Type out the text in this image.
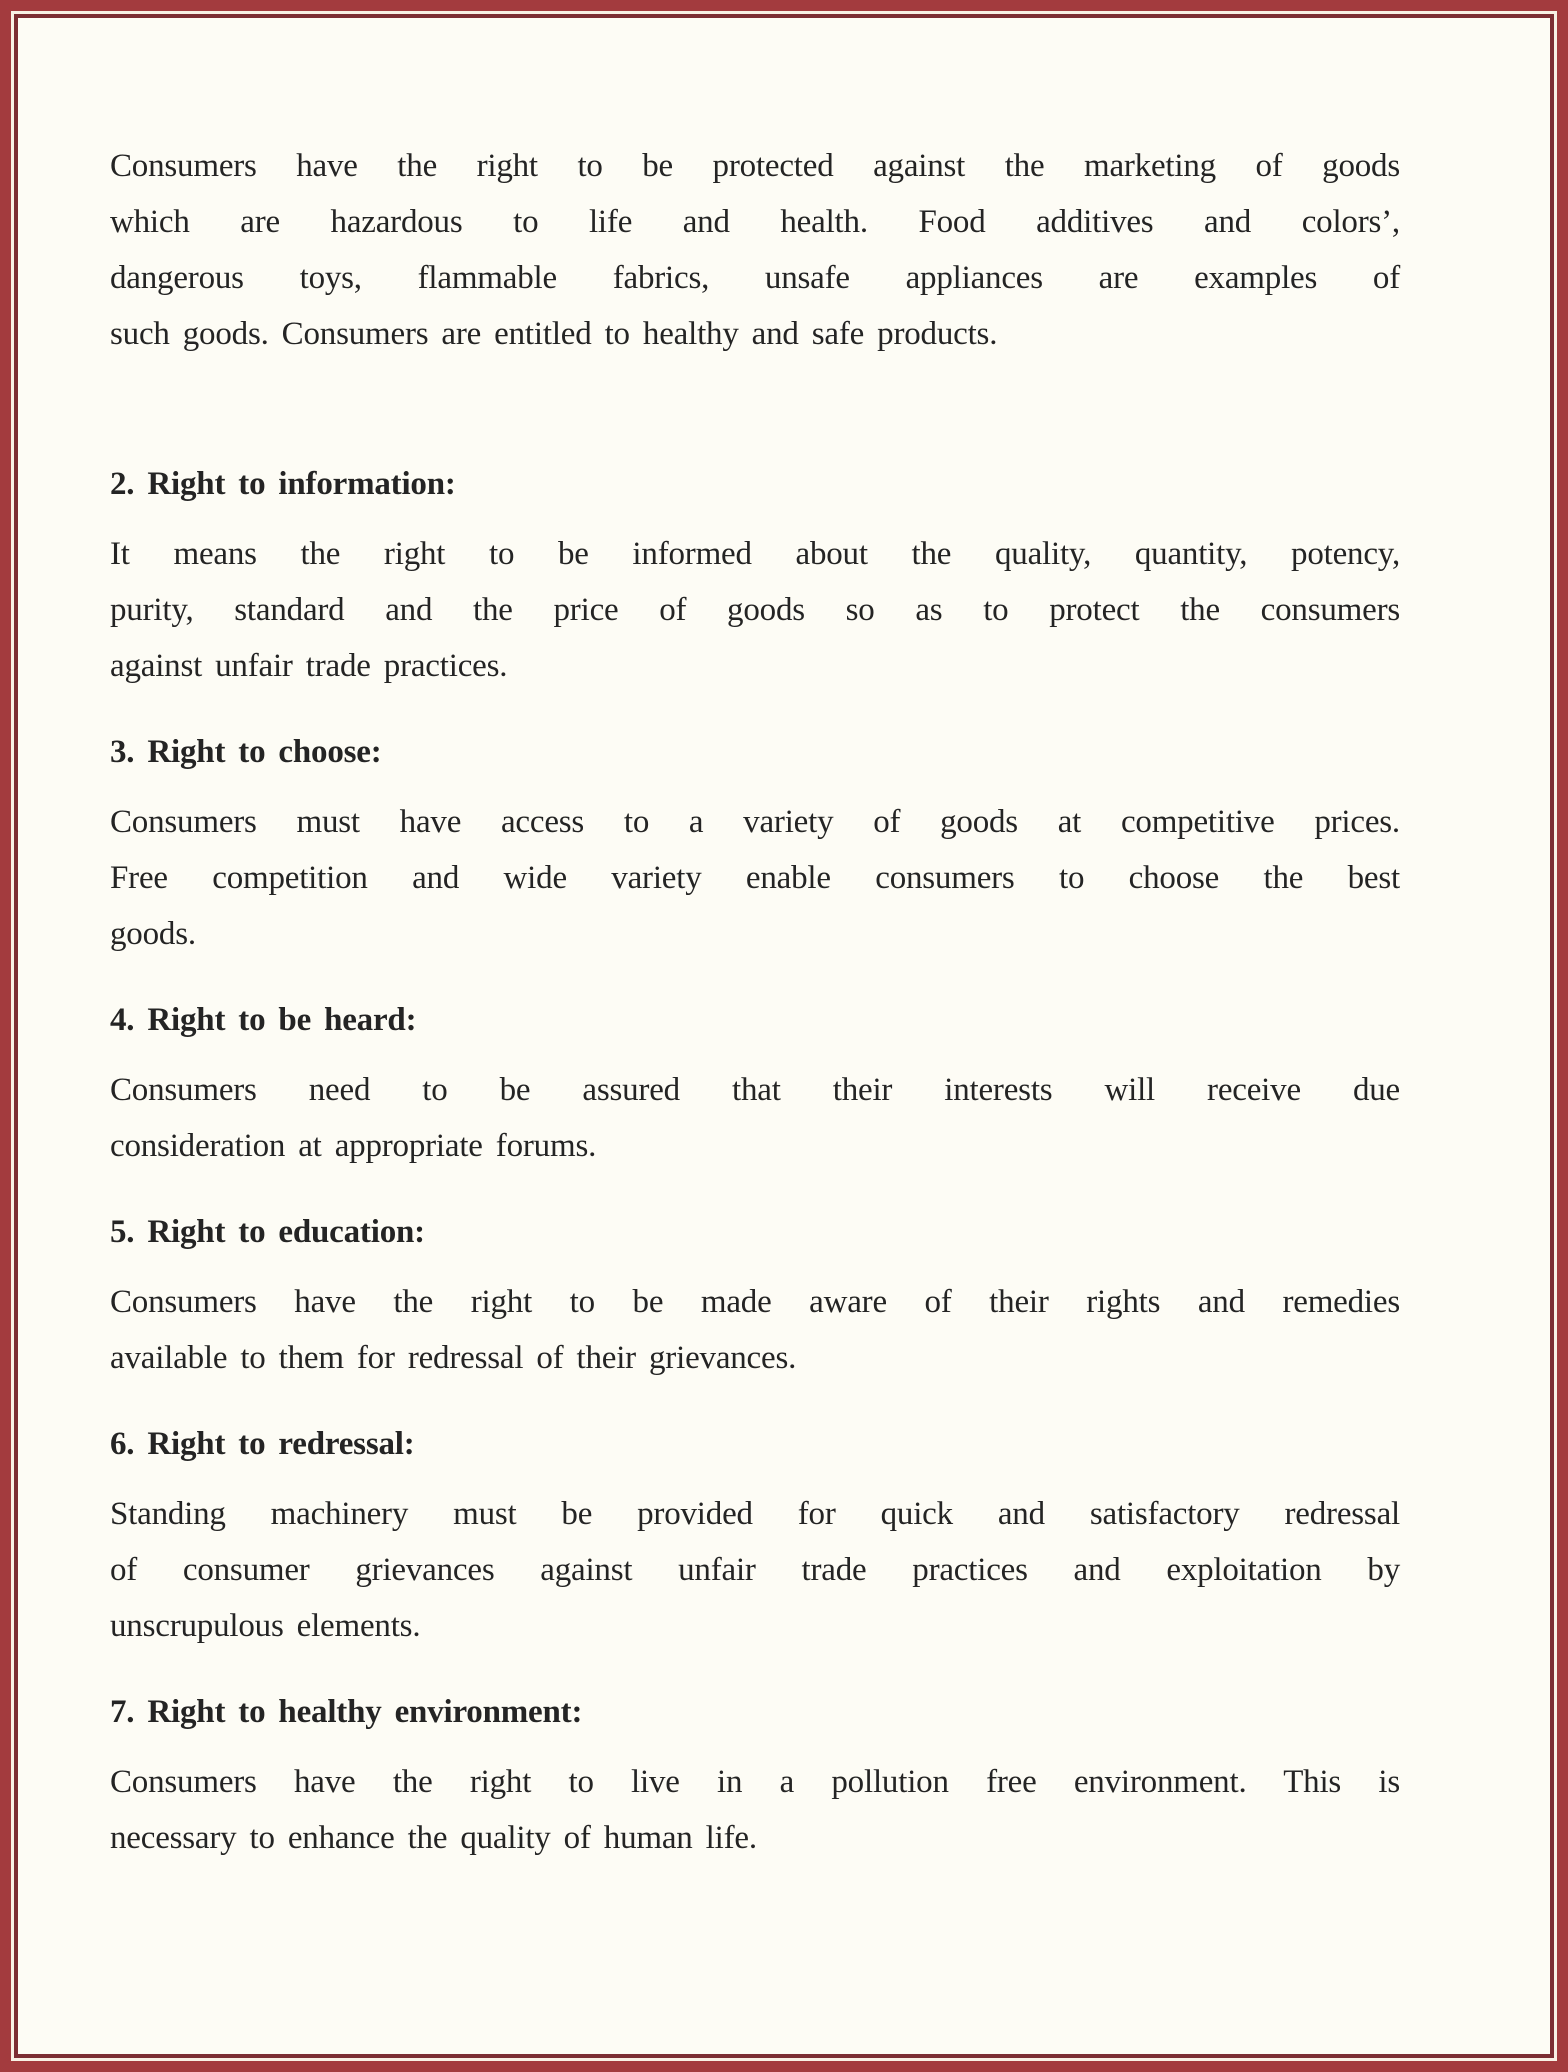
Consumers have the right to be protected against the marketing of goods
which are hazardous to life and health. Food additives and colors’,
dangerous toys, flammable fabrics, unsafe appliances are examples of
such goods. Consumers are entitled to healthy and safe products.
2. Right to information:
It means the right to be informed about the quality, quantity, potency,
purity, standard and the price of goods so as to protect the consumers
against unfair trade practices.
3. Right to choose:
Consumers must have access to a variety of goods at competitive prices.
Free competition and wide variety enable consumers to choose the best
goods.
4. Right to be heard:
Consumers need to be assured that their interests will receive due
consideration at appropriate forums.
5. Right to education:
Consumers have the right to be made aware of their rights and remedies
available to them for redressal of their grievances.
6. Right to redressal:
Standing machinery must be provided for quick and satisfactory redressal
of consumer grievances against unfair trade practices and exploitation by
unscrupulous elements.
7. Right to healthy environment:
Consumers have the right to live in a pollution free environment. This is
necessary to enhance the quality of human life.
